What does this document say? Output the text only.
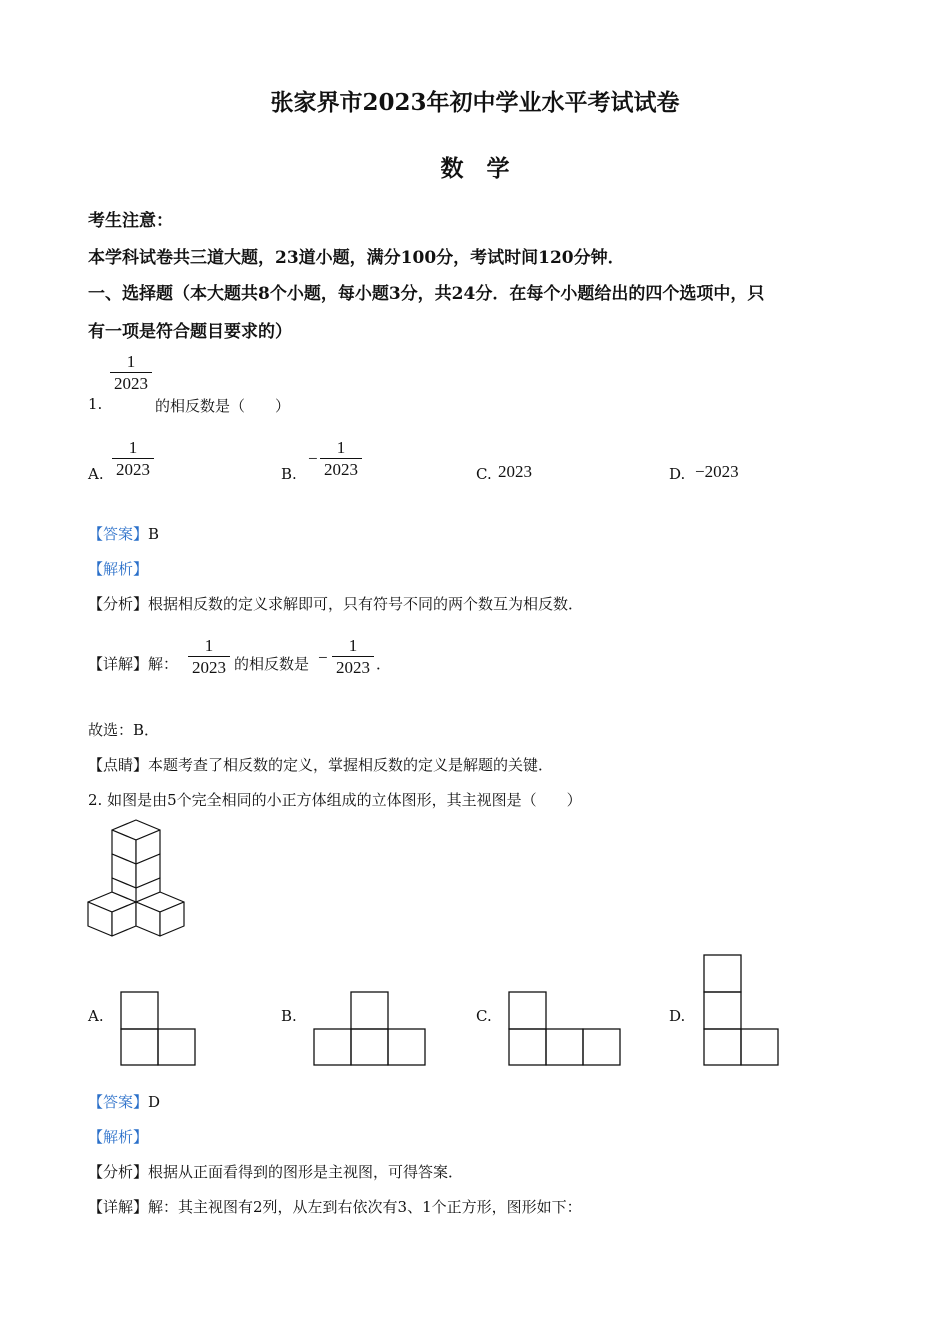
张家界市2023年初中学业水平考试试卷
数　学
考生注意：
本学科试卷共三道大题，23道小题，满分100分，考试时间120分钟．
一、选择题（本大题共8个小题，每小题3分，共24分．在每个小题给出的四个选项中，只
有一项是符合题目要求的）
1.
$\frac{1}{2023}$
的相反数是（　　）
A. $\frac{1}{2023}$	B.
− $\frac{1}{2023}$	C. 2023	D. −2023
【答案】B
【解析】
【分析】根据相反数的定义求解即可，只有符号不同的两个数互为相反数．
【详解】解： $\frac{1}{2023}$ 的相反数是 − $\frac{1}{2023}$ ．
故选：B．
【点睛】本题考查了相反数的定义，掌握相反数的定义是解题的关键．
2. 如图是由5个完全相同的小正方体组成的立体图形，其主视图是（　　）
A.	B.	C.	D.
【答案】D
【解析】
【分析】根据从正面看得到的图形是主视图，可得答案．
【详解】解：其主视图有2列，从左到右依次有3、1个正方形，图形如下：
